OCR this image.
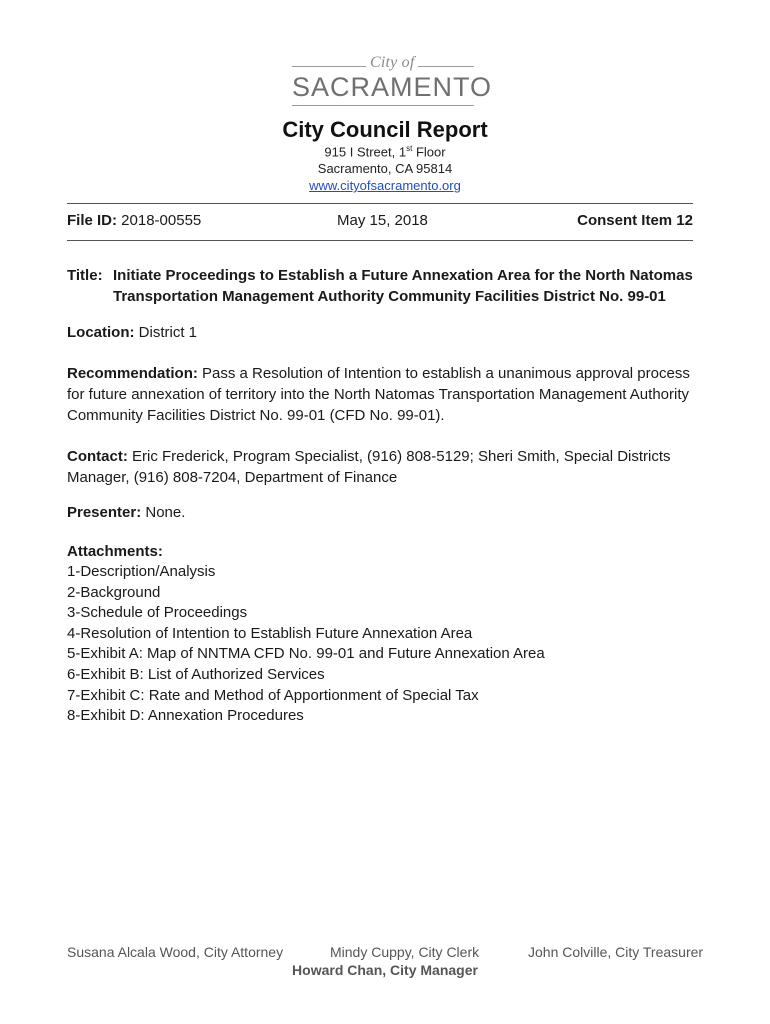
City of
SACRAMENTO
City Council Report
915 I Street, 1st Floor
Sacramento, CA 95814
www.cityofsacramento.org
File ID: 2018-00555	May 15, 2018	Consent Item 12
Title: Initiate Proceedings to Establish a Future Annexation Area for the North Natomas
Transportation Management Authority Community Facilities District No. 99-01
Location: District 1
Recommendation: Pass a Resolution of Intention to establish a unanimous approval process for future annexation of territory into the North Natomas Transportation Management Authority Community Facilities District No. 99-01 (CFD No. 99-01).
Contact: Eric Frederick, Program Specialist, (916) 808-5129; Sheri Smith, Special Districts Manager, (916) 808-7204, Department of Finance
Presenter: None.
Attachments:
1-Description/Analysis
2-Background
3-Schedule of Proceedings
4-Resolution of Intention to Establish Future Annexation Area
5-Exhibit A: Map of NNTMA CFD No. 99-01 and Future Annexation Area
6-Exhibit B: List of Authorized Services
7-Exhibit C: Rate and Method of Apportionment of Special Tax
8-Exhibit D: Annexation Procedures
Susana Alcala Wood, City Attorney	Mindy Cuppy, City Clerk	John Colville, City Treasurer
Howard Chan, City Manager
